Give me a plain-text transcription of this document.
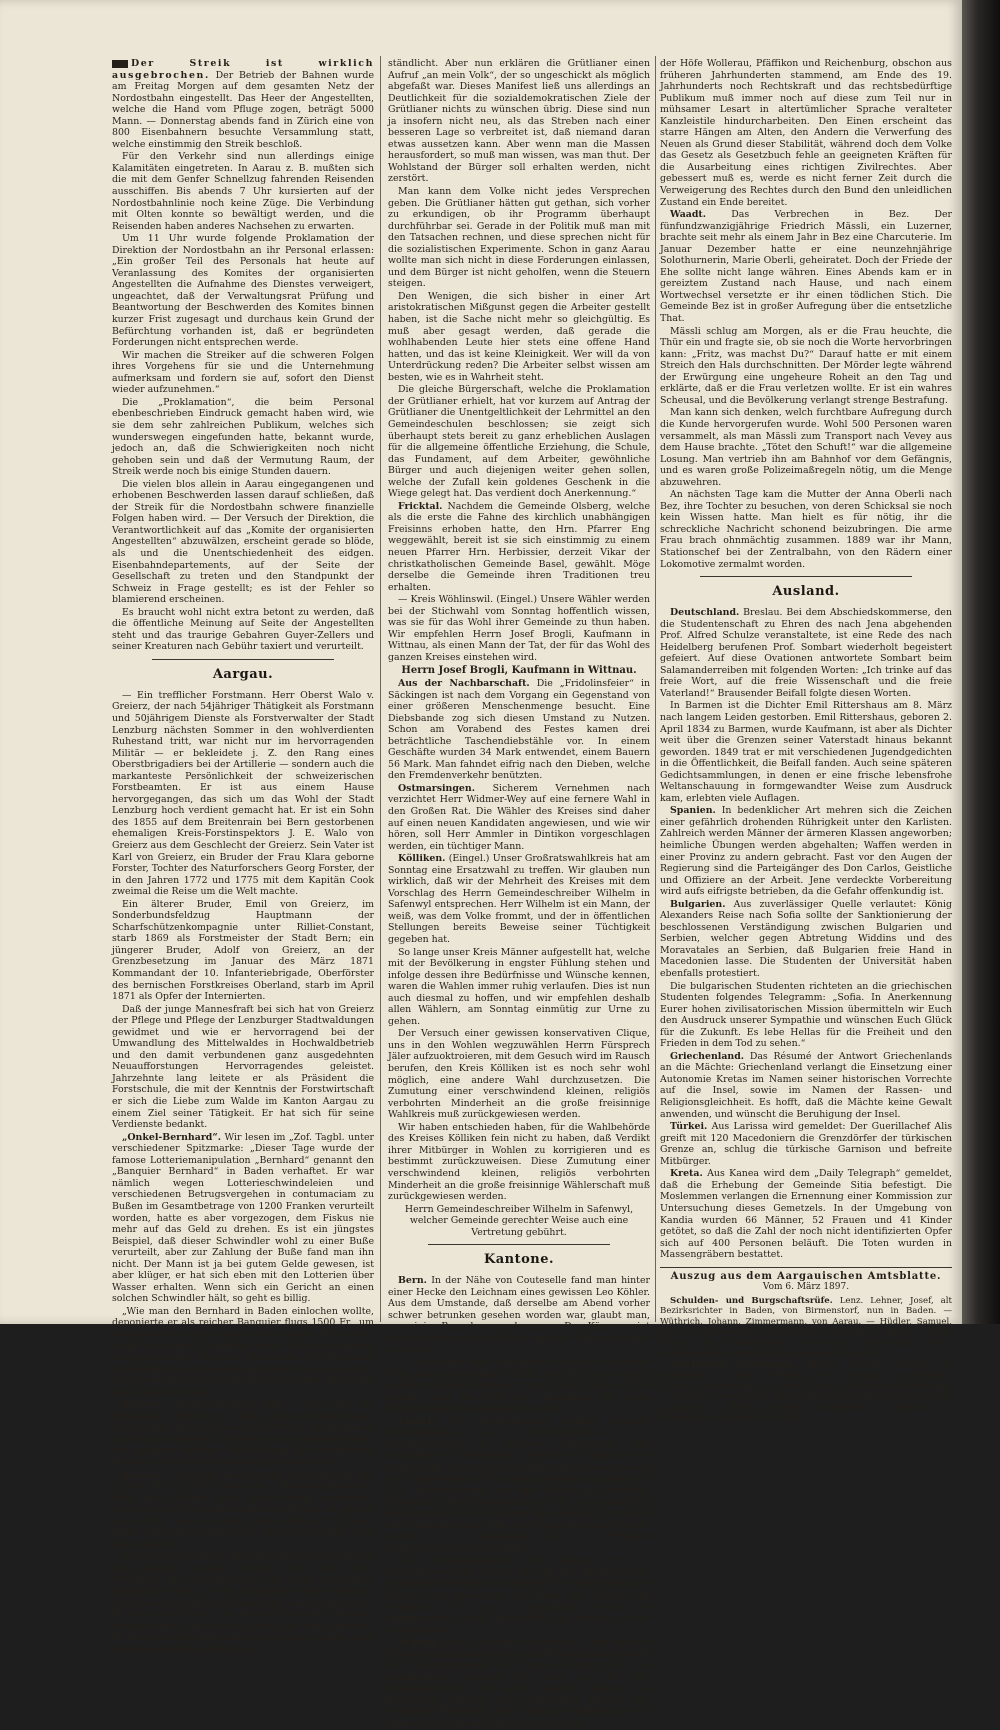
Der Streik ist wirklich ausgebrochen. Der Betrieb der Bahnen wurde am Freitag Morgen auf dem gesamten Netz der Nordostbahn eingestellt. Das Heer der Angestellten, welche die Hand vom Pfluge zogen, beträgt 5000 Mann. — Donnerstag abends fand in Zürich eine von 800 Eisenbahnern besuchte Versammlung statt, welche einstimmig den Streik beschloß.

Für den Verkehr sind nun allerdings einige Kalamitäten eingetreten. In Aarau z. B. mußten sich die mit dem Genfer Schnellzug fahrenden Reisenden ausschiffen. Bis abends 7 Uhr kursierten auf der Nordostbahnlinie noch keine Züge. Die Verbindung mit Olten konnte so bewältigt werden, und die Reisenden haben anderes Nachsehen zu erwarten.

Um 11 Uhr wurde folgende Proklamation der Direktion der Nordostbahn an ihr Personal erlassen: „Ein großer Teil des Personals hat heute auf Veranlassung des Komites der organisierten Angestellten die Aufnahme des Dienstes verweigert, ungeachtet, daß der Verwaltungsrat Prüfung und Beantwortung der Beschwerden des Komites binnen kurzer Frist zugesagt und durchaus kein Grund der Befürchtung vorhanden ist, daß er begründeten Forderungen nicht entsprechen werde.

Wir machen die Streiker auf die schweren Folgen ihres Vorgehens für sie und die Unternehmung aufmerksam und fordern sie auf, sofort den Dienst wieder aufzunehmen.“

Die „Proklamation“, die beim Personal ebenbeschrieben Eindruck gemacht haben wird, wie sie dem sehr zahlreichen Publikum, welches sich wunderswegen eingefunden hatte, bekannt wurde, jedoch an, daß die Schwierigkeiten noch nicht gehoben sein und daß der Vermutung Raum, der Streik werde noch bis einige Stunden dauern.

Die vielen blos allein in Aarau eingegangenen und erhobenen Beschwerden lassen darauf schließen, daß der Streik für die Nordostbahn schwere finanzielle Folgen haben wird. — Der Versuch der Direktion, die Verantwortlichkeit auf das „Komite der organisierten Angestellten“ abzuwälzen, erscheint gerade so blöde, als und die Unentschiedenheit des eidgen. Eisenbahndepartements, auf der Seite der Gesellschaft zu treten und den Standpunkt der Schweiz in Frage gestellt; es ist der Fehler so blamierend erscheinen.

Es braucht wohl nicht extra betont zu werden, daß die öffentliche Meinung auf Seite der Angestellten steht und das traurige Gebahren Guyer-Zellers und seiner Kreaturen nach Gebühr taxiert und verurteilt.

Aargau.

— Ein trefflicher Forstmann. Herr Oberst Walo v. Greierz, der nach 54jähriger Thätigkeit als Forstmann und 50jährigem Dienste als Forstverwalter der Stadt Lenzburg nächsten Sommer in den wohlverdienten Ruhestand tritt, war nicht nur im hervorragenden Militär — er bekleidete j. Z. den Rang eines Oberstbrigadiers bei der Artillerie — sondern auch die markanteste Persönlichkeit der schweizerischen Forstbeamten. Er ist aus einem Hause hervorgegangen, das sich um das Wohl der Stadt Lenzburg hoch verdient gemacht hat. Er ist ein Sohn des 1855 auf dem Breitenrain bei Bern gestorbenen ehemaligen Kreis-Forstinspektors J. E. Walo von Greierz aus dem Geschlecht der Greierz. Sein Vater ist Karl von Greierz, ein Bruder der Frau Klara geborne Forster, Tochter des Naturforschers Georg Forster, der in den Jahren 1772 und 1775 mit dem Kapitän Cook zweimal die Reise um die Welt machte.

Ein älterer Bruder, Emil von Greierz, im Sonderbundsfeldzug Hauptmann der Scharfschützenkompagnie unter Rilliet-Constant, starb 1869 als Forstmeister der Stadt Bern; ein jüngerer Bruder, Adolf von Greierz, an der Grenzbesetzung im Januar des März 1871 Kommandant der 10. Infanteriebrigade, Oberförster des bernischen Forstkreises Oberland, starb im April 1871 als Opfer der Internierten.

Daß der junge Mannesfraft bei sich hat von Greierz der Pflege und Pflege der Lenzburger Stadtwaldungen gewidmet und wie er hervorragend bei der Umwandlung des Mittelwaldes in Hochwaldbetrieb und den damit verbundenen ganz ausgedehnten Neuaufforstungen Hervorragendes geleistet. Jahrzehnte lang leitete er als Präsident die Forstschule, die mit der Kenntnis der Forstwirtschaft er sich die Liebe zum Walde im Kanton Aargau zu einem Ziel seiner Tätigkeit. Er hat sich für seine Verdienste bedankt.

„Onkel-Bernhard“. Wir lesen im „Zof. Tagbl. unter verschiedener Spitzmarke: „Dieser Tage wurde der famose Lotteriemanipulation „Bernhard“ genannt den „Banquier Bernhard“ in Baden verhaftet. Er war nämlich wegen Lotterieschwindeleien und verschiedenen Betrugsvergehen in contumaciam zu Bußen im Gesamtbetrage von 1200 Franken verurteilt worden, hatte es aber vorgezogen, dem Fiskus nie mehr auf das Geld zu drehen. Es ist ein jüngstes Beispiel, daß dieser Schwindler wohl zu einer Buße verurteilt, aber zur Zahlung der Buße fand man ihn nicht. Der Mann ist ja bei gutem Gelde gewesen, ist aber klüger, er hat sich eben mit den Lotterien über Wasser erhalten. Wenn sich ein Gericht an einen solchen Schwindler hält, so geht es billig.

„Wie man den Bernhard in Baden einlochen wollte, deponierte er als reicher Banquier flugs 1500 Fr., um wenigstens für sich wieder laufen lassen. Für solche Leute sind eben Geldbußen keine Strafe, sie lassen sich ja auch ihr Geschäft wieder ein. Der Bernhard handgreiflich durch seinen Aufwand. Daß er aber jetzt ohne gerichtlich zu verurteilen ist, darüber wird wohl kein Zweifel bestehen.

Aarau. Letzten Freitag halb 2 Uhr sind die Bundesräte Müller und Zemp nebst Bundesanwalt Scherb und Eisenbahnsekretär Mürset per Extrazug nach Zürich gereist. Die Reise war zu diesem Zwecke frei gegeben worden. Die Haltung des streikenden Personals wird als eine musterhafte bezeichnet.

Aarau. Gar nicht übel ist ein Residenzbrief der „Schw. Fr. Pr.“. Wir lesen da: „Märzenschnee thut Berg und Thälern weh“ und schneit manchmal, welcher in der Schonzeit ergibt sich, und da gleicht unser Volk, wie Sie bald hören werden. Wir lesen Ihnen kantonale Wahlen hier, aber es wird also noch lange dauern.

Doch, ich will Ihnen, Herr Redaktor, kein politisch Lied singen: Ich kenne Göthes Urteil über solche Melodien. Zu was mich zur Zeit eine jugendliche Inspiration treibt, ist die Grütlianer unseres Kreises, die Kandidaten für den Großen Rat aufgestellt haben. Es wäre ein Mann, der für das Wohl der Arbeiter sorgen könnte, und er ist in der Lage dazu gewesen. Er hat nicht bloß den Kanton verlassen, sondern auch bedeutende Stellen bekleidet.

ständlicht. Aber nun erklären die Grütlianer einen Aufruf „an mein Volk“, der so ungeschickt als möglich abgefaßt war. Dieses Manifest ließ uns allerdings an Deutlichkeit für die sozialdemokratischen Ziele der Grütlianer nichts zu wünschen übrig. Diese sind nun ja insofern nicht neu, als das Streben nach einer besseren Lage so verbreitet ist, daß niemand daran etwas aussetzen kann. Aber wenn man die Massen herausfordert, so muß man wissen, was man thut. Der Wohlstand der Bürger soll erhalten werden, nicht zerstört.

Man kann dem Volke nicht jedes Versprechen geben. Die Grütlianer hätten gut gethan, sich vorher zu erkundigen, ob ihr Programm überhaupt durchführbar sei. Gerade in der Politik muß man mit den Tatsachen rechnen, und diese sprechen nicht für die sozialistischen Experimente. Schon in ganz Aarau wollte man sich nicht in diese Forderungen einlassen, und dem Bürger ist nicht geholfen, wenn die Steuern steigen.

Den Wenigen, die sich bisher in einer Art aristokratischen Mißgunst gegen die Arbeiter gestellt haben, ist die Sache nicht mehr so gleichgültig. Es muß aber gesagt werden, daß gerade die wohlhabenden Leute hier stets eine offene Hand hatten, und das ist keine Kleinigkeit. Wer will da von Unterdrückung reden? Die Arbeiter selbst wissen am besten, wie es in Wahrheit steht.

Die gleiche Bürgerschaft, welche die Proklamation der Grütlianer erhielt, hat vor kurzem auf Antrag der Grütlianer die Unentgeltlichkeit der Lehrmittel an den Gemeindeschulen beschlossen; sie zeigt sich überhaupt stets bereit zu ganz erheblichen Auslagen für die allgemeine öffentliche Erziehung, die Schule, das Fundament, auf dem Arbeiter, gewöhnliche Bürger und auch diejenigen weiter gehen sollen, welche der Zufall kein goldenes Geschenk in die Wiege gelegt hat. Das verdient doch Anerkennung.“

Fricktal. Nachdem die Gemeinde Olsberg, welche als die erste die Fahne des kirchlich unabhängigen Freisinns erhoben hatte, den Hrn. Pfarrer Eng weggewählt, bereit ist sie sich einstimmig zu einem neuen Pfarrer Hrn. Herbissier, derzeit Vikar der christkatholischen Gemeinde Basel, gewählt. Möge derselbe die Gemeinde ihren Traditionen treu erhalten.

— Kreis Wöhlinswil. (Eingel.) Unsere Wähler werden bei der Stichwahl vom Sonntag hoffentlich wissen, was sie für das Wohl ihrer Gemeinde zu thun haben. Wir empfehlen Herrn Josef Brogli, Kaufmann in Wittnau, als einen Mann der Tat, der für das Wohl des ganzen Kreises einstehen wird.

Herrn Josef Brogli, Kaufmann in Wittnau.

Aus der Nachbarschaft. Die „Fridolinsfeier“ in Säckingen ist nach dem Vorgang ein Gegenstand von einer größeren Menschenmenge besucht. Eine Diebsbande zog sich diesen Umstand zu Nutzen. Schon am Vorabend des Festes kamen drei beträchtliche Taschendiebstähle vor. In einem Geschäfte wurden 34 Mark entwendet, einem Bauern 56 Mark. Man fahndet eifrig nach den Dieben, welche den Fremdenverkehr benützten.

Ostmarsingen. Sicherem Vernehmen nach verzichtet Herr Widmer-Wey auf eine fernere Wahl in den Großen Rat. Die Wähler des Kreises sind daher auf einen neuen Kandidaten angewiesen, und wie wir hören, soll Herr Ammler in Dintikon vorgeschlagen werden, ein tüchtiger Mann.

Kölliken. (Eingel.) Unser Großratswahlkreis hat am Sonntag eine Ersatzwahl zu treffen. Wir glauben nun wirklich, daß wir der Mehrheit des Kreises mit dem Vorschlag des Herrn Gemeindeschreiber Wilhelm in Safenwyl entsprechen. Herr Wilhelm ist ein Mann, der weiß, was dem Volke frommt, und der in öffentlichen Stellungen bereits Beweise seiner Tüchtigkeit gegeben hat.

So lange unser Kreis Männer aufgestellt hat, welche mit der Bevölkerung in engster Fühlung stehen und infolge dessen ihre Bedürfnisse und Wünsche kennen, waren die Wahlen immer ruhig verlaufen. Dies ist nun auch diesmal zu hoffen, und wir empfehlen deshalb allen Wählern, am Sonntag einmütig zur Urne zu gehen.

Der Versuch einer gewissen konservativen Clique, uns in den Wohlen wegzuwählen Herrn Fürsprech Jäler aufzuoktroieren, mit dem Gesuch wird im Rausch berufen, den Kreis Kölliken ist es noch sehr wohl möglich, eine andere Wahl durchzusetzen. Die Zumutung einer verschwindend kleinen, religiös verbohrten Minderheit an die große freisinnige Wahlkreis muß zurückgewiesen werden.

Wir haben entschieden haben, für die Wahlbehörde des Kreises Kölliken fein nicht zu haben, daß Verdikt ihrer Mitbürger in Wohlen zu korrigieren und es bestimmt zurückzuweisen. Diese Zumutung einer verschwindend kleinen, religiös verbohrten Minderheit an die große freisinnige Wählerschaft muß zurückgewiesen werden.

Herrn Gemeindeschreiber Wilhelm in Safenwyl, welcher Gemeinde gerechter Weise auch eine Vertretung gebührt.

Kantone.

Bern. In der Nähe von Couteselle fand man hinter einer Hecke den Leichnam eines gewissen Leo Köhler. Aus dem Umstande, daß derselbe am Abend vorher schwer betrunken gesehen worden war, glaubt man, er sei im Rausche umgekommen. Der Körper zeigt keine Spuren von Gewalttat, und der Fall wird näher untersucht.

— Der letzte Rest Ringmauer von Biel ist dieser Tage dem berüchtigten „Zahn der Zeit“ zum Opfer gefallen. Diese Wallmauer war in den Jahren 1345 gebaut, und bis 1367 mit Ausnahme des alten Burggrabens Biel abgebrannt worden.

Luzern. Der Regierungsrat schlägt folgende Abänderungen des Steuergesetzes vor: Vorübergehend in anderen Gemeinden sich aufhaltende Erwerbende, welche im Kanton kein ganzes Jahr dauerndes Domizil besitzen, haben, wenn ihr Tagesverdienst 5 Fr. nicht übersteigt, monatlich 50 Cts. Erwerbssteuer an den Staat zu bezahlen. Übersteigt der Tagesverdienst 5 Fr., so erfolgt die Besteuerung ihres Erwerbes nach den §§ 18 und 29 des Steuergesetzes. Für den Bezug der neuen Steuer werden die Gemeinden mit 10 Prozent Bezugsprovision entschädigt.

Die Polizeigemeinden sind befugt, für ihre Bedürfnisse eine Steuer bis auf das Doppelte des genannten Betrages zu beziehen. Die Entrichtung der Steuer hat spätestens am Ende des Monats zu erfolgen, für den sie geschuldet wird. Die Armenanstalt erhält die Hälfte als Beitrag an die Armenlasten.

Schwyz. Der „Schwyzer Volksfreund“, das neue in Lachen erscheinende Organ der Freisinnigen, erörtert die Rechtszustände im Kanton Schwyz. Es sei bedauerlich, schreibt er, daß es für die Partikularrechte des alten Landes Schwyz, des Freistaates Gersau, der Landschaft March, der Waldstatt Einsiedeln, der Landschaft Küßnacht noch immer keine einheitliche Regelung gebe.

der Höfe Wollerau, Pfäffikon und Reichenburg, obschon aus früheren Jahrhunderten stammend, am Ende des 19. Jahrhunderts noch Rechtskraft und das rechtsbedürftige Publikum muß immer noch auf diese zum Teil nur in mühsamer Lesart in altertümlicher Sprache veralteter Kanzleistile hindurcharbeiten. Den Einen erscheint das starre Hängen am Alten, den Andern die Verwerfung des Neuen als Grund dieser Stabilität, während doch dem Volke das Gesetz als Gesetzbuch fehle an geeigneten Kräften für die Ausarbeitung eines richtigen Zivilrechtes. Aber gebessert muß es, werde es nicht ferner Zeit durch die Verweigerung des Rechtes durch den Bund den unleidlichen Zustand ein Ende bereitet.

Waadt.	Das Verbrechen in Bez. Der fünfundzwanzigjährige Friedrich Mässli, ein Luzerner, brachte seit mehr als einem Jahr in Bez eine Charcuterie. Im Januar Dezember hatte er eine neunzehnjährige Solothurnerin, Marie Oberli, geheiratet. Doch der Friede der Ehe sollte nicht lange währen. Eines Abends kam er in gereiztem Zustand nach Hause, und nach einem Wortwechsel versetzte er ihr einen tödlichen Stich. Die Gemeinde Bez ist in großer Aufregung über die entsetzliche That.

Mässli schlug am Morgen, als er die Frau heuchte, die Thür ein und fragte sie, ob sie noch die Worte hervorbringen kann: „Fritz, was machst Du?“ Darauf hatte er mit einem Streich den Hals durchschnitten. Der Mörder legte während der Erwürgung eine ungeheure Roheit an den Tag und erklärte, daß er die Frau verletzen wollte. Er ist ein wahres Scheusal, und die Bevölkerung verlangt strenge Bestrafung.

Man kann sich denken, welch furchtbare Aufregung durch die Kunde hervorgerufen wurde. Wohl 500 Personen waren versammelt, als man Mässli zum Transport nach Vevey aus dem Hause brachte. „Tötet den Schuft!“ war die allgemeine Losung. Man vertrieb ihn am Bahnhof vor dem Gefängnis, und es waren große Polizeimaßregeln nötig, um die Menge abzuwehren.

An nächsten Tage kam die Mutter der Anna Oberli nach Bez, ihre Tochter zu besuchen, von deren Schicksal sie noch kein Wissen hatte. Man hielt es für nötig, ihr die schreckliche Nachricht schonend beizubringen. Die arme Frau brach ohnmächtig zusammen. 1889 war ihr Mann, Stationschef bei der Zentralbahn, von den Rädern einer Lokomotive zermalmt worden.

Ausland.

Deutschland. Breslau. Bei dem Abschiedskommerse, den die Studentenschaft zu Ehren des nach Jena abgehenden Prof. Alfred Schulze veranstaltete, ist eine Rede des nach Heidelberg berufenen Prof. Sombart wiederholt begeistert gefeiert. Auf diese Ovationen antwortete Sombart beim Salamanderreiben mit folgenden Worten: „Ich trinke auf das freie Wort, auf die freie Wissenschaft und die freie Vaterland!“ Brausender Beifall folgte diesen Worten.

In Barmen ist die Dichter Emil Rittershaus am 8. März nach langem Leiden gestorben. Emil Rittershaus, geboren 2. April 1834 zu Barmen, wurde Kaufmann, ist aber als Dichter weit über die Grenzen seiner Vaterstadt hinaus bekannt geworden. 1849 trat er mit verschiedenen Jugendgedichten in die Öffentlichkeit, die Beifall fanden. Auch seine späteren Gedichtsammlungen, in denen er eine frische lebensfrohe Weltanschauung in formgewandter Weise zum Ausdruck kam, erlebten viele Auflagen.

Spanien. In bedenklicher Art mehren sich die Zeichen einer gefährlich drohenden Rührigkeit unter den Karlisten. Zahlreich werden Männer der ärmeren Klassen angeworben; heimliche Übungen werden abgehalten; Waffen werden in einer Provinz zu andern gebracht. Fast vor den Augen der Regierung sind die Parteigänger des Don Carlos, Geistliche und Offiziere an der Arbeit. Jene verdeckte Vorbereitung wird aufs eifrigste betrieben, da die Gefahr offenkundig ist.

Bulgarien. Aus zuverlässiger Quelle verlautet: König Alexanders Reise nach Sofia sollte der Sanktionierung der beschlossenen Verständigung zwischen Bulgarien und Serbien, welcher gegen Abtretung Widdins und des Moravatales an Serbien, daß Bulgarien freie Hand in Macedonien lasse. Die Studenten der Universität haben ebenfalls protestiert.

Die bulgarischen Studenten richteten an die griechischen Studenten folgendes Telegramm: „Sofia. In Anerkennung Eurer hohen zivilisatorischen Mission übermitteln wir Euch den Ausdruck unserer Sympathie und wünschen Euch Glück für die Zukunft. Es lebe Hellas für die Freiheit und den Frieden in dem Tod zu sehen.“

Griechenland. Das Résumé der Antwort Griechenlands an die Mächte: Griechenland verlangt die Einsetzung einer Autonomie Kretas im Namen seiner historischen Vorrechte auf die Insel, sowie im Namen der Rassen- und Religionsgleichheit. Es hofft, daß die Mächte keine Gewalt anwenden, und wünscht die Beruhigung der Insel.

Türkei. Aus Larissa wird gemeldet: Der Guerillachef Alis greift mit 120 Macedoniern die Grenzdörfer der türkischen Grenze an, schlug die türkische Garnison und befreite Mitbürger.

Kreta. Aus Kanea wird dem „Daily Telegraph“ gemeldet, daß die Erhebung der Gemeinde Sitia befestigt. Die Moslemmen verlangen die Ernennung einer Kommission zur Untersuchung dieses Gemetzels. In der Umgebung von Kandia wurden 66 Männer, 52 Frauen und 41 Kinder getötet, so daß die Zahl der noch nicht identifizierten Opfer sich auf 400 Personen beläuft. Die Toten wurden in Massengräbern bestattet.

Auszug aus dem Aargauischen Amtsblatte.
Vom 6. März 1897.

Schulden- und Burgschaftsrüfe. Lenz. Lehner, Josef, alt Bezirksrichter in Baden, von Birmenstorf, nun in Baden. — Wüthrich, Johann, Zimmermann, von Aarau. — Hüdler, Samuel, geb. v. Zimmermann, von Laufen, wohnhaft in Bern. — Frey, Marie, geb. Zimmermann, von Aarau, und Siegrist, Otto, Schuhmacher in Menziken; Eingaben bis 3. April.

Fruchtloses Pfändungen. Brand, Wilhelm, Metzger in Wettingen. — Kündig, Heinrich, von Seengen, nun Pfäffikon (Zürich), in Wettingen. — Voser, Gustav, von Wohlen in Wettingen. — Schmid, Joseph, Sohn, Zürich, Ferd. in Zofingen, Landwirt, von Zofingen. — Wälchli, Gottlieb, Schneider in Rothrist, von Oftringen, Eingaben bis 3. April.
